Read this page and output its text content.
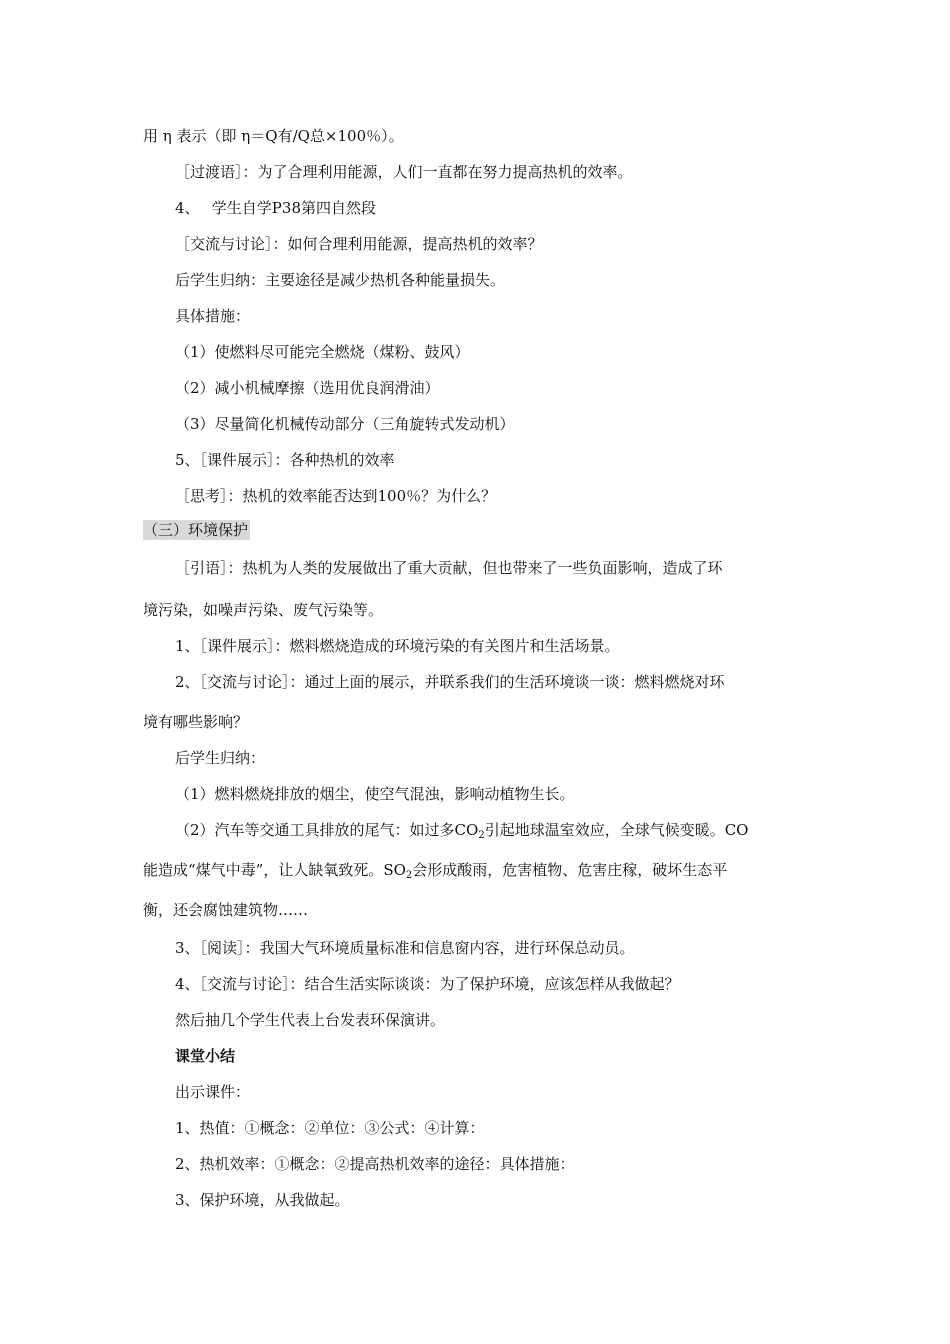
用 η 表示（即 η＝Q有/Q总×100％）。
［过渡语］：为了合理利用能源，人们一直都在努力提高热机的效率。
4、　 学生自学P38第四自然段
［交流与讨论］：如何合理利用能源，提高热机的效率？
后学生归纳：主要途径是减少热机各种能量损失。
具体措施：
（1）使燃料尽可能完全燃烧（煤粉、鼓风）
（2）减小机械摩擦（选用优良润滑油）
（3）尽量简化机械传动部分（三角旋转式发动机）
5、［课件展示］：各种热机的效率
［思考］：热机的效率能否达到100％？为什么？
（三）环境保护
［引语］：热机为人类的发展做出了重大贡献，但也带来了一些负面影响，造成了环
境污染，如噪声污染、废气污染等。
1、［课件展示］：燃料燃烧造成的环境污染的有关图片和生活场景。
2、［交流与讨论］：通过上面的展示，并联系我们的生活环境谈一谈：燃料燃烧对环
境有哪些影响？
后学生归纳：
（1）燃料燃烧排放的烟尘，使空气混浊，影响动植物生长。
（2）汽车等交通工具排放的尾气：如过多$CO_2$引起地球温室效应，全球气候变暖。CO
能造成“煤气中毒”，让人缺氧致死。$SO_2$会形成酸雨，危害植物、危害庄稼，破坏生态平
衡，还会腐蚀建筑物……
3、［阅读］：我国大气环境质量标准和信息窗内容，进行环保总动员。
4、［交流与讨论］：结合生活实际谈谈：为了保护环境，应该怎样从我做起？
然后抽几个学生代表上台发表环保演讲。
课堂小结
出示课件：
1、热值：①概念：②单位：③公式：④计算：
2、热机效率：①概念：②提高热机效率的途径：具体措施：
3、保护环境，从我做起。
